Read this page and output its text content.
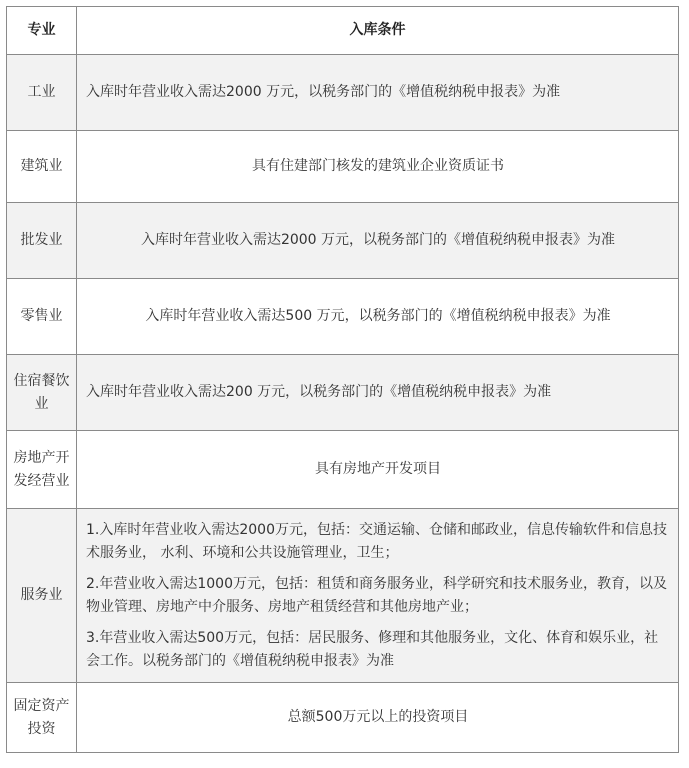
专业	入库条件
工业	入库时年营业收入需达2000 万元，以税务部门的《增值税纳税申报表》为准
建筑业	具有住建部门核发的建筑业企业资质证书
批发业	入库时年营业收入需达2000 万元，以税务部门的《增值税纳税申报表》为准
零售业	入库时年营业收入需达500 万元，以税务部门的《增值税纳税申报表》为准
住宿餐饮业	入库时年营业收入需达200 万元，以税务部门的《增值税纳税申报表》为准
房地产开发经营业	具有房地产开发项目
服务业	1.入库时年营业收入需达2000万元，包括：交通运输、仓储和邮政业，信息传输软件和信息技术服务业， 水利、环境和公共设施管理业，卫生；

2.年营业收入需达1000万元，包括：租赁和商务服务业，科学研究和技术服务业，教育，以及物业管理、房地产中介服务、房地产租赁经营和其他房地产业；

3.年营业收入需达500万元，包括：居民服务、修理和其他服务业，文化、体育和娱乐业，社会工作。以税务部门的《增值税纳税申报表》为准

固定资产投资	总额500万元以上的投资项目
